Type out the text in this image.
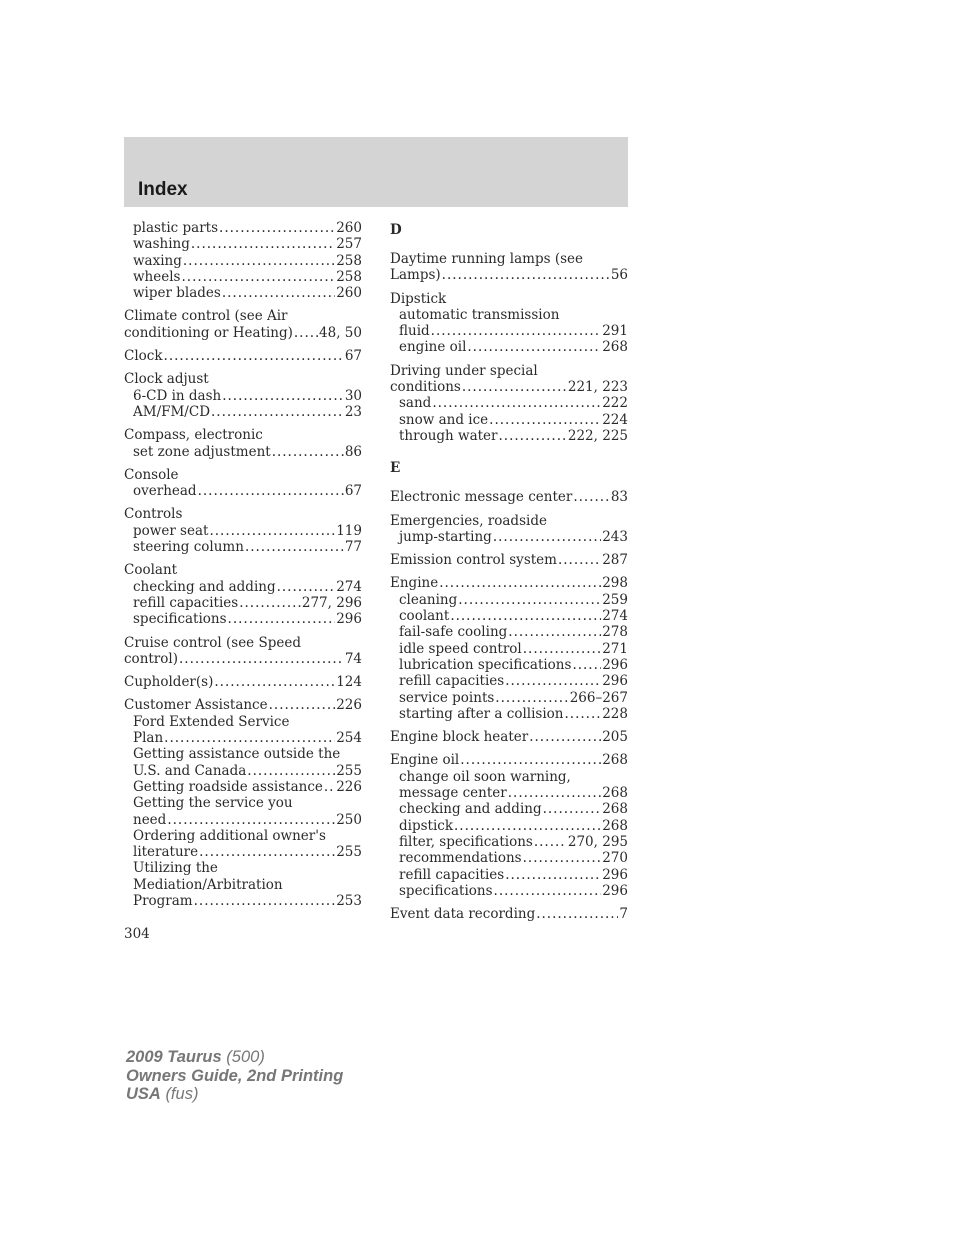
Index
plastic parts .....	260
washing .....	257
waxing .....	258
wheels .....	258
wiper blades .....	260
Climate control (see Air
conditioning or Heating) ..... 48, 50
Clock .....	67
Clock adjust
6-CD in dash .....	30
AM/FM/CD .....	23
Compass, electronic
set zone adjustment .....	86
Console
overhead .....	67
Controls
power seat .....	119
steering column .....	77
Coolant
checking and adding .....	274
refill capacities .....	277, 296
specifications .....	296
Cruise control (see Speed
control) .....	74
Cupholder(s) .....	124
Customer Assistance .....	226
Ford Extended Service
Plan .....	254
Getting assistance outside the
U.S. and Canada .....	255
Getting roadside assistance ..... 226
Getting the service you
need .....	250
Ordering additional owner's
literature .....	255
Utilizing the
Mediation/Arbitration
Program .....	253
D
Daytime running lamps (see
Lamps) .....	56
Dipstick
automatic transmission
fluid .....	291
engine oil .....	268
Driving under special
conditions .....	221, 223
sand .....	222
snow and ice .....	224
through water .....	222, 225
E
Electronic message center .....	83
Emergencies, roadside
jump-starting .....	243
Emission control system .....	287
Engine .....	298
cleaning .....	259
coolant .....	274
fail-safe cooling .....	278
idle speed control .....	271
lubrication specifications ..... 296
refill capacities .....	296
service points .....	266–267
starting after a collision .....	228
Engine block heater .....	205
Engine oil .....	268
change oil soon warning,
message center .....	268
checking and adding .....	268
dipstick .....	268
filter, specifications .....	270, 295
recommendations .....	270
refill capacities .....	296
specifications .....	296
Event data recording .....	7
304
2009 Taurus (500)
Owners Guide, 2nd Printing
USA (fus)
